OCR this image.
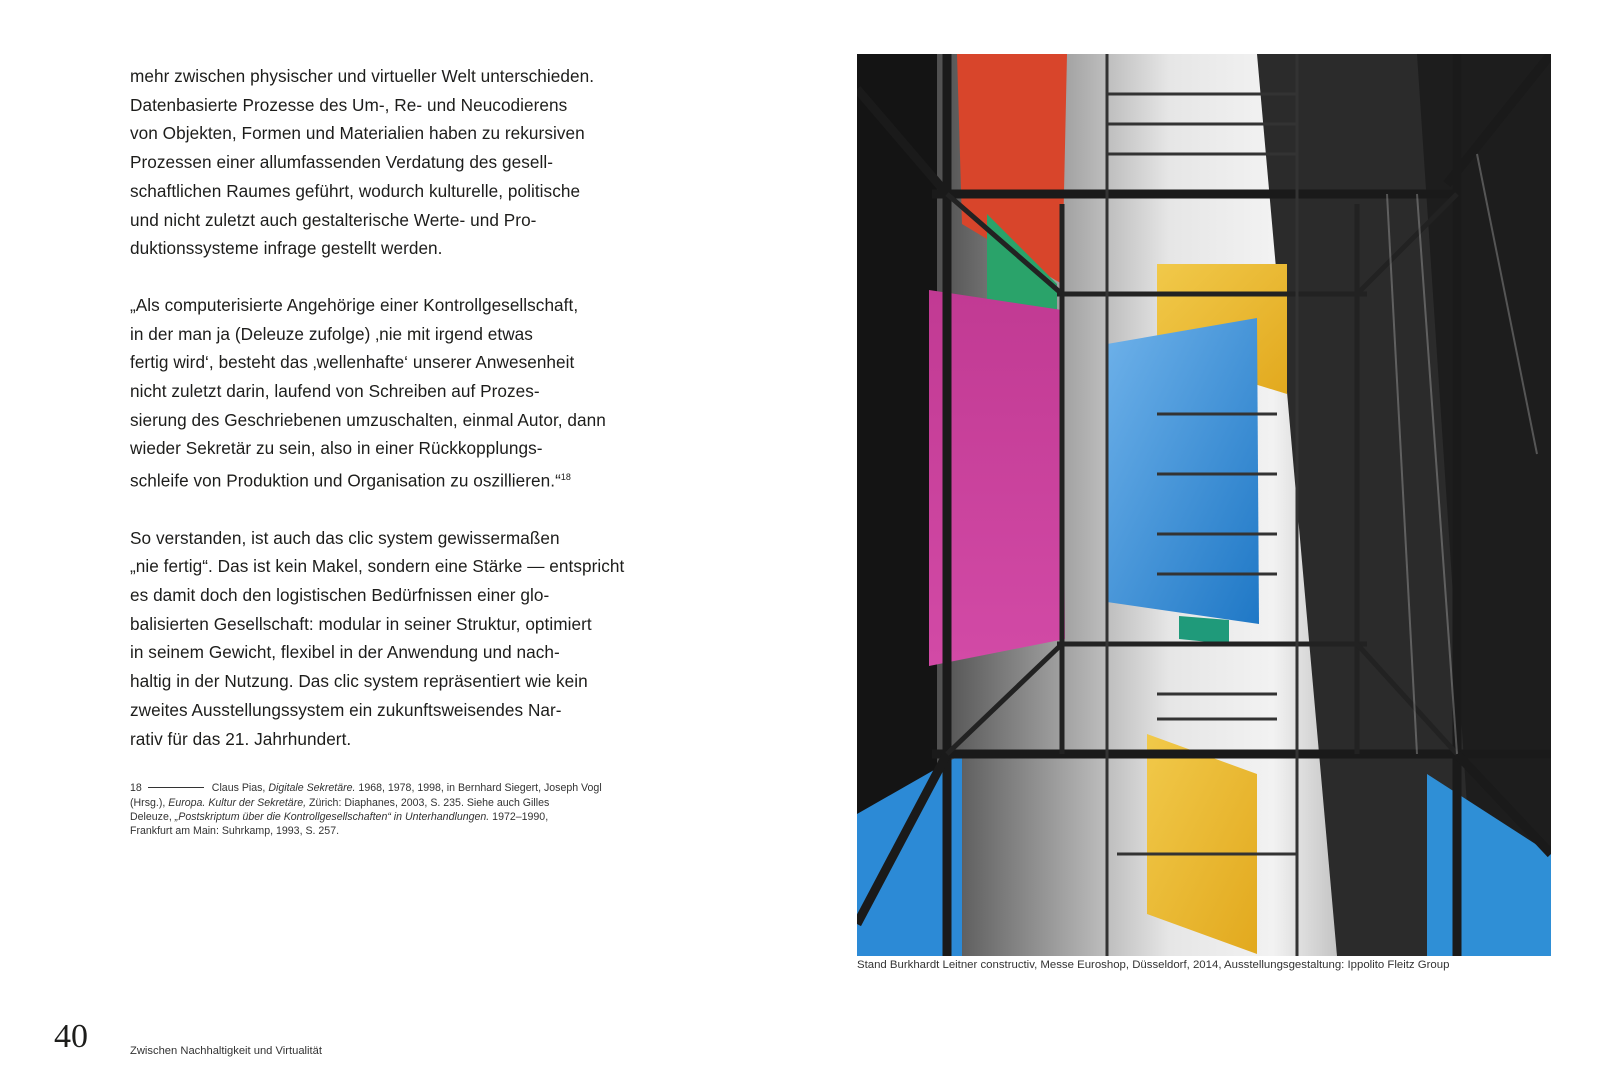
mehr zwischen physischer und virtueller Welt unterschieden.
Datenbasierte Prozesse des Um-, Re- und Neucodierens
von Objekten, Formen und Materialien haben zu rekursiven
Prozessen einer allumfassenden Verdatung des gesell-
schaftlichen Raumes geführt, wodurch kulturelle, politische
und nicht zuletzt auch gestalterische Werte- und Pro-
duktionssysteme infrage gestellt werden.

„Als computerisierte Angehörige einer Kontrollgesellschaft,
in der man ja (Deleuze zufolge) ‚nie mit irgend etwas
fertig wird‘, besteht das ‚wellenhafte‘ unserer Anwesenheit
nicht zuletzt darin, laufend von Schreiben auf Prozes-
sierung des Geschriebenen umzuschalten, einmal Autor, dann
wieder Sekretär zu sein, also in einer Rückkopplungs-
schleife von Produktion und Organisation zu oszillieren.“$^{18}$

So verstanden, ist auch das clic system gewissermaßen
„nie fertig“. Das ist kein Makel, sondern eine Stärke — entspricht
es damit doch den logistischen Bedürfnissen einer glo-
balisierten Gesellschaft: modular in seiner Struktur, optimiert
in seinem Gewicht, flexibel in der Anwendung und nach-
haltig in der Nutzung. Das clic system repräsentiert wie kein
zweites Ausstellungssystem ein zukunftsweisendes Nar-
rativ für das 21. Jahrhundert.

18	Claus Pias, Digitale Sekretäre. 1968, 1978, 1998, in Bernhard Siegert, Joseph Vogl
(Hrsg.), Europa. Kultur der Sekretäre, Zürich: Diaphanes, 2003, S. 235. Siehe auch Gilles
Deleuze, „Postskriptum über die Kontrollgesellschaften“ in Unterhandlungen. 1972–1990,
Frankfurt am Main: Suhrkamp, 1993, S. 257.
Stand Burkhardt Leitner constructiv, Messe Euroshop, Düsseldorf, 2014, Ausstellungsgestaltung: Ippolito Fleitz Group
40	Zwischen Nachhaltigkeit und Virtualität
